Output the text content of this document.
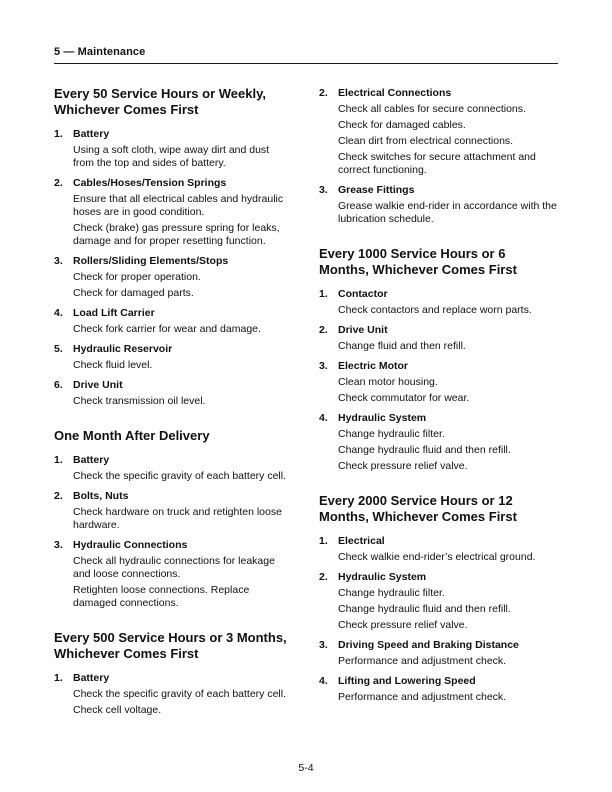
5 — Maintenance
Every 50 Service Hours or Weekly, Whichever Comes First
1. Battery

Using a soft cloth, wipe away dirt and dust from the top and sides of battery.

2. Cables/Hoses/Tension Springs

Ensure that all electrical cables and hydraulic hoses are in good condition.

Check (brake) gas pressure spring for leaks, damage and for proper resetting function.

3. Rollers/Sliding Elements/Stops

Check for proper operation.

Check for damaged parts.

4. Load Lift Carrier

Check fork carrier for wear and damage.

5. Hydraulic Reservoir

Check fluid level.

6. Drive Unit

Check transmission oil level.

One Month After Delivery
1. Battery

Check the specific gravity of each battery cell.

2. Bolts, Nuts

Check hardware on truck and retighten loose hardware.

3. Hydraulic Connections

Check all hydraulic connections for leakage and loose connections.

Retighten loose connections. Replace damaged connections.

Every 500 Service Hours or 3 Months, Whichever Comes First
1. Battery

Check the specific gravity of each battery cell.

Check cell voltage.

2. Electrical Connections

Check all cables for secure connections.

Check for damaged cables.

Clean dirt from electrical connections.

Check switches for secure attachment and correct functioning.

3. Grease Fittings

Grease walkie end-rider in accordance with the lubrication schedule.

Every 1000 Service Hours or 6 Months, Whichever Comes First
1. Contactor

Check contactors and replace worn parts.

2. Drive Unit

Change fluid and then refill.

3. Electric Motor

Clean motor housing.

Check commutator for wear.

4. Hydraulic System

Change hydraulic filter.

Change hydraulic fluid and then refill.

Check pressure relief valve.

Every 2000 Service Hours or 12 Months, Whichever Comes First
1. Electrical

Check walkie end-rider’s electrical ground.

2. Hydraulic System

Change hydraulic filter.

Change hydraulic fluid and then refill.

Check pressure relief valve.

3. Driving Speed and Braking Distance

Performance and adjustment check.

4. Lifting and Lowering Speed

Performance and adjustment check.

5-4
